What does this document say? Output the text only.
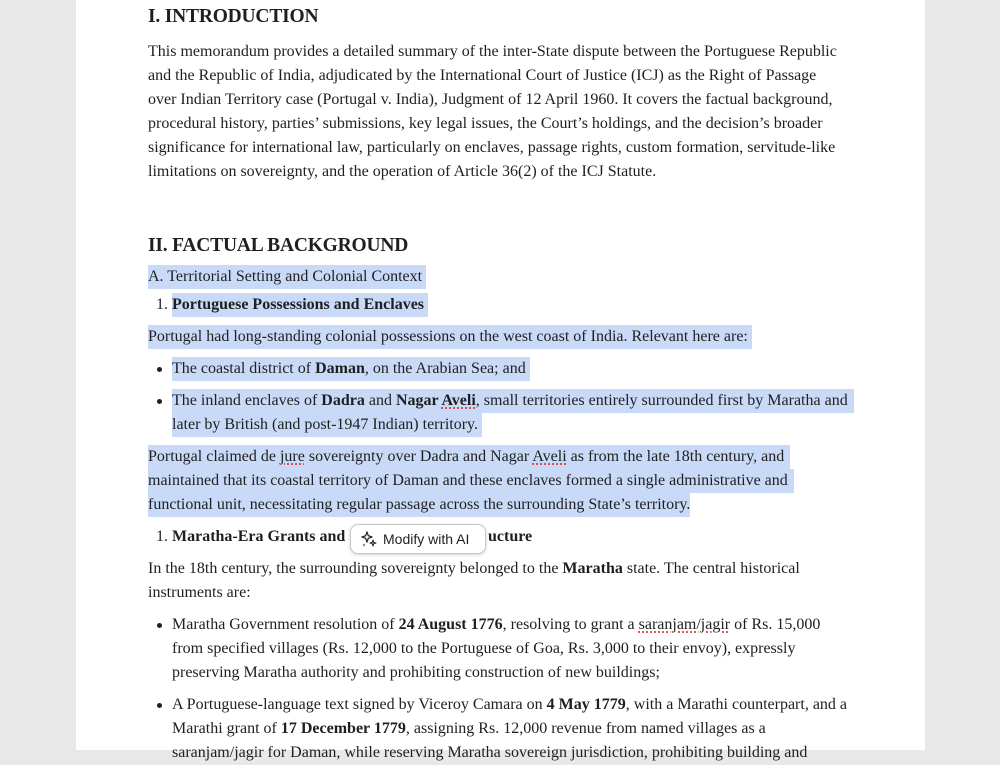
I. INTRODUCTION
This memorandum provides a detailed summary of the inter-State dispute between the Portuguese Republic
and the Republic of India, adjudicated by the International Court of Justice (ICJ) as the Right of Passage
over Indian Territory case (Portugal v. India), Judgment of 12 April 1960. It covers the factual background,
procedural history, parties’ submissions, key legal issues, the Court’s holdings, and the decision’s broader
significance for international law, particularly on enclaves, passage rights, custom formation, servitude-like
limitations on sovereignty, and the operation of Article 36(2) of the ICJ Statute.
II. FACTUAL BACKGROUND
A. Territorial Setting and Colonial Context
1. Portuguese Possessions and Enclaves
Portugal had long-standing colonial possessions on the west coast of India. Relevant here are:
The coastal district of Daman, on the Arabian Sea; and
The inland enclaves of Dadra and Nagar Aveli, small territories entirely surrounded first by Maratha and
later by British (and post-1947 Indian) territory.
Portugal claimed de jure sovereignty over Dadra and Nagar Aveli as from the late 18th century, and
maintained that its coastal territory of Daman and these enclaves formed a single administrative and
functional unit, necessitating regular passage across the surrounding State’s territory.
1. Maratha-Era Grants and	ucture
In the 18th century, the surrounding sovereignty belonged to the Maratha state. The central historical
instruments are:
Maratha Government resolution of 24 August 1776, resolving to grant a saranjam/jagir of Rs. 15,000
from specified villages (Rs. 12,000 to the Portuguese of Goa, Rs. 3,000 to their envoy), expressly
preserving Maratha authority and prohibiting construction of new buildings;
A Portuguese-language text signed by Viceroy Camara on 4 May 1779, with a Marathi counterpart, and a
Marathi grant of 17 December 1779, assigning Rs. 12,000 revenue from named villages as a
saranjam/jagir for Daman, while reserving Maratha sovereign jurisdiction, prohibiting building and
Modify with AI
